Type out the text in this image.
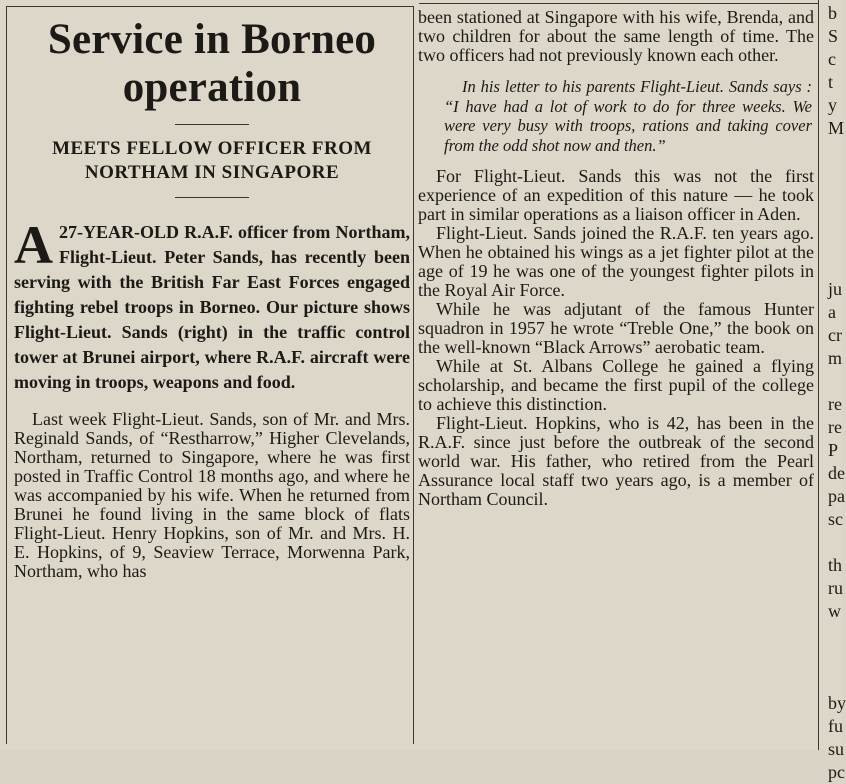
Service in Borneo operation
MEETS FELLOW OFFICER FROM NORTHAM IN SINGAPORE
A 27-YEAR-OLD R.A.F. officer from Northam, Flight-Lieut. Peter Sands, has recently been serving with the British Far East Forces engaged fighting rebel troops in Borneo. Our picture shows Flight-Lieut. Sands (right) in the traffic control tower at Brunei airport, where R.A.F. aircraft were moving in troops, weapons and food.

Last week Flight-Lieut. Sands, son of Mr. and Mrs. Reginald Sands, of “Restharrow,” Higher Clevelands, Northam, returned to Singapore, where he was first posted in Traffic Control 18 months ago, and where he was accompanied by his wife. When he returned from Brunei he found living in the same block of flats Flight-Lieut. Henry Hopkins, son of Mr. and Mrs. H. E. Hopkins, of 9, Seaview Terrace, Morwenna Park, Northam, who has

been stationed at Singapore with his wife, Brenda, and two children for about the same length of time. The two officers had not previously known each other.

In his letter to his parents Flight-Lieut. Sands says : “I have had a lot of work to do for three weeks. We were very busy with troops, rations and taking cover from the odd shot now and then.”

For Flight-Lieut. Sands this was not the first experience of an expedition of this nature — he took part in similar operations as a liaison officer in Aden.

Flight-Lieut. Sands joined the R.A.F. ten years ago. When he obtained his wings as a jet fighter pilot at the age of 19 he was one of the youngest fighter pilots in the Royal Air Force.

While he was adjutant of the famous Hunter squadron in 1957 he wrote “Treble One,” the book on the well-known “Black Arrows” aerobatic team.

While at St. Albans College he gained a flying scholarship, and became the first pupil of the college to achieve this distinction.

Flight-Lieut. Hopkins, who is 42, has been in the R.A.F. since just before the outbreak of the second world war. His father, who retired from the Pearl Assurance local staff two years ago, is a member of Northam Council.

b
S
c
t
y
M

ju
a
cr
m

re
re
P
de
pa
sc

th
ru
w

by
fu
su
pc
